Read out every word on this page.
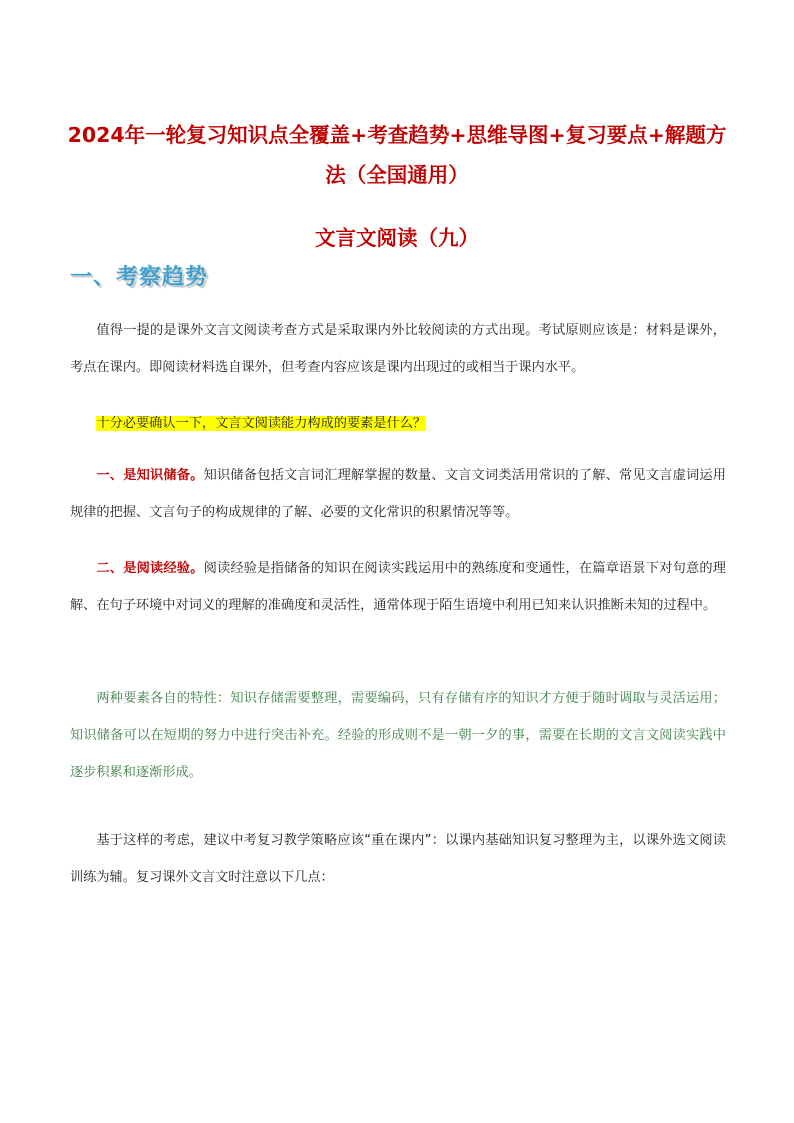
2024年一轮复习知识点全覆盖+考查趋势+思维导图+复习要点+解题方
法（全国通用）
文言文阅读（九）
一、考察趋势

值得一提的是课外文言文阅读考查方式是采取课内外比较阅读的方式出现。考试原则应该是：材料是课外，考点在课内。即阅读材料选自课外，但考查内容应该是课内出现过的或相当于课内水平。

十分必要确认一下，文言文阅读能力构成的要素是什么？

一、是知识储备。知识储备包括文言词汇理解掌握的数量、文言文词类活用常识的了解、常见文言虚词运用规律的把握、文言句子的构成规律的了解、必要的文化常识的积累情况等等。

二、是阅读经验。阅读经验是指储备的知识在阅读实践运用中的熟练度和变通性，在篇章语景下对句意的理解、在句子环境中对词义的理解的准确度和灵活性，通常体现于陌生语境中利用已知来认识推断未知的过程中。

两种要素各自的特性：知识存储需要整理，需要编码，只有存储有序的知识才方便于随时调取与灵活运用；知识储备可以在短期的努力中进行突击补充。经验的形成则不是一朝一夕的事，需要在长期的文言文阅读实践中逐步积累和逐渐形成。

基于这样的考虑，建议中考复习教学策略应该“重在课内”：以课内基础知识复习整理为主，以课外选文阅读训练为辅。复习课外文言文时注意以下几点：
